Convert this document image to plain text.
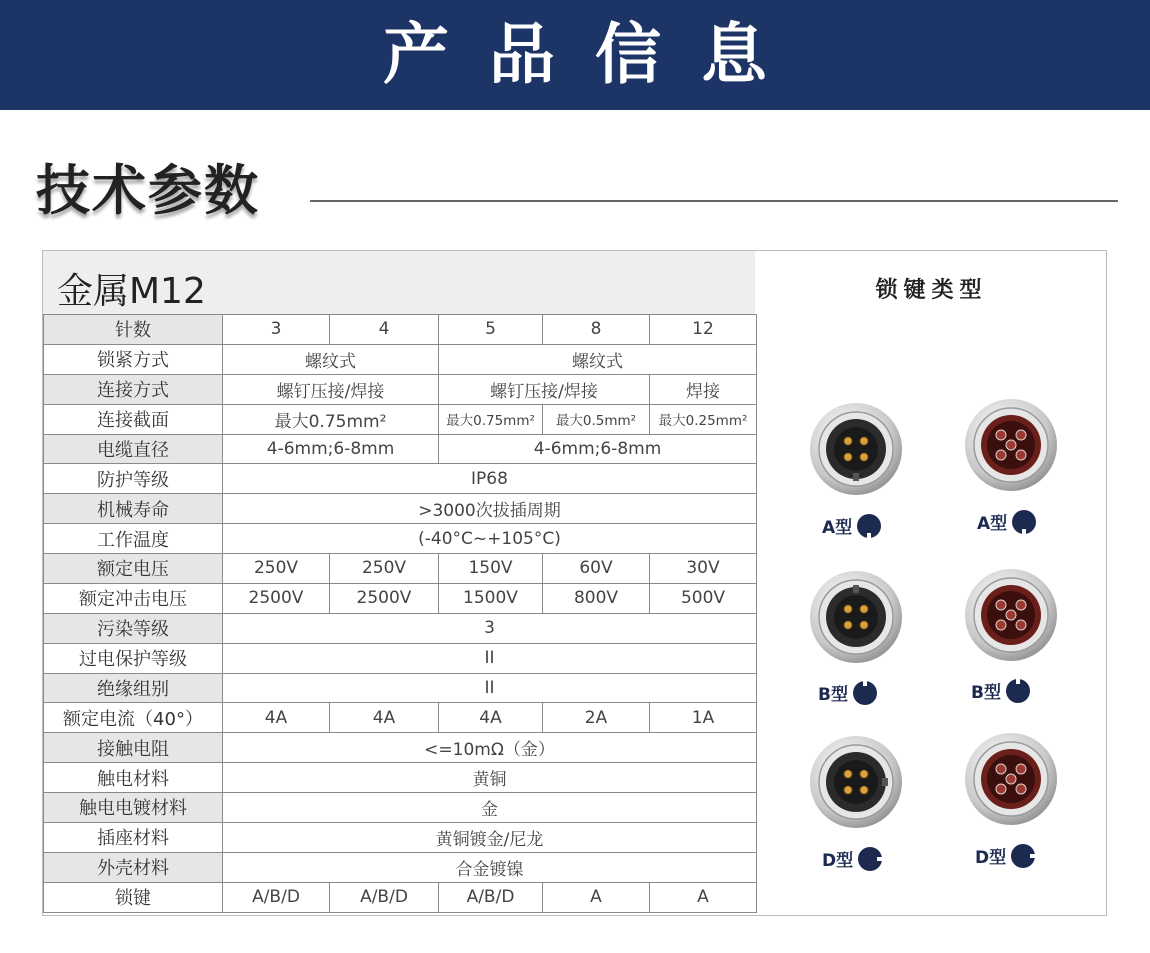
产品信息
技术参数
金属M12
针数	3	4	5	8	12
锁紧方式	螺纹式		螺纹式		
连接方式	螺钉压接/焊接		螺钉压接/焊接		焊接
连接截面	最大0.75mm²		最大0.75mm²	最大0.5mm²	最大0.25mm²
电缆直径	4-6mm;6-8mm		4-6mm;6-8mm		
防护等级	IP68				
机械寿命	>3000次拔插周期				
工作温度	(-40°C~+105°C)				
额定电压	250V	250V	150V	60V	30V
额定冲击电压	2500V	2500V	1500V	800V	500V
污染等级	3				
过电保护等级	II				
绝缘组别	II				
额定电流（40°）	4A	4A	4A	2A	1A
接触电阻	<=10mΩ（金）				
触电材料	黄铜				
触电电镀材料	金				
插座材料	黄铜镀金/尼龙				
外壳材料	合金镀镍				
锁键	A/B/D	A/B/D	A/B/D	A	A
锁键类型
A型	A型
B型	B型
D型	D型
